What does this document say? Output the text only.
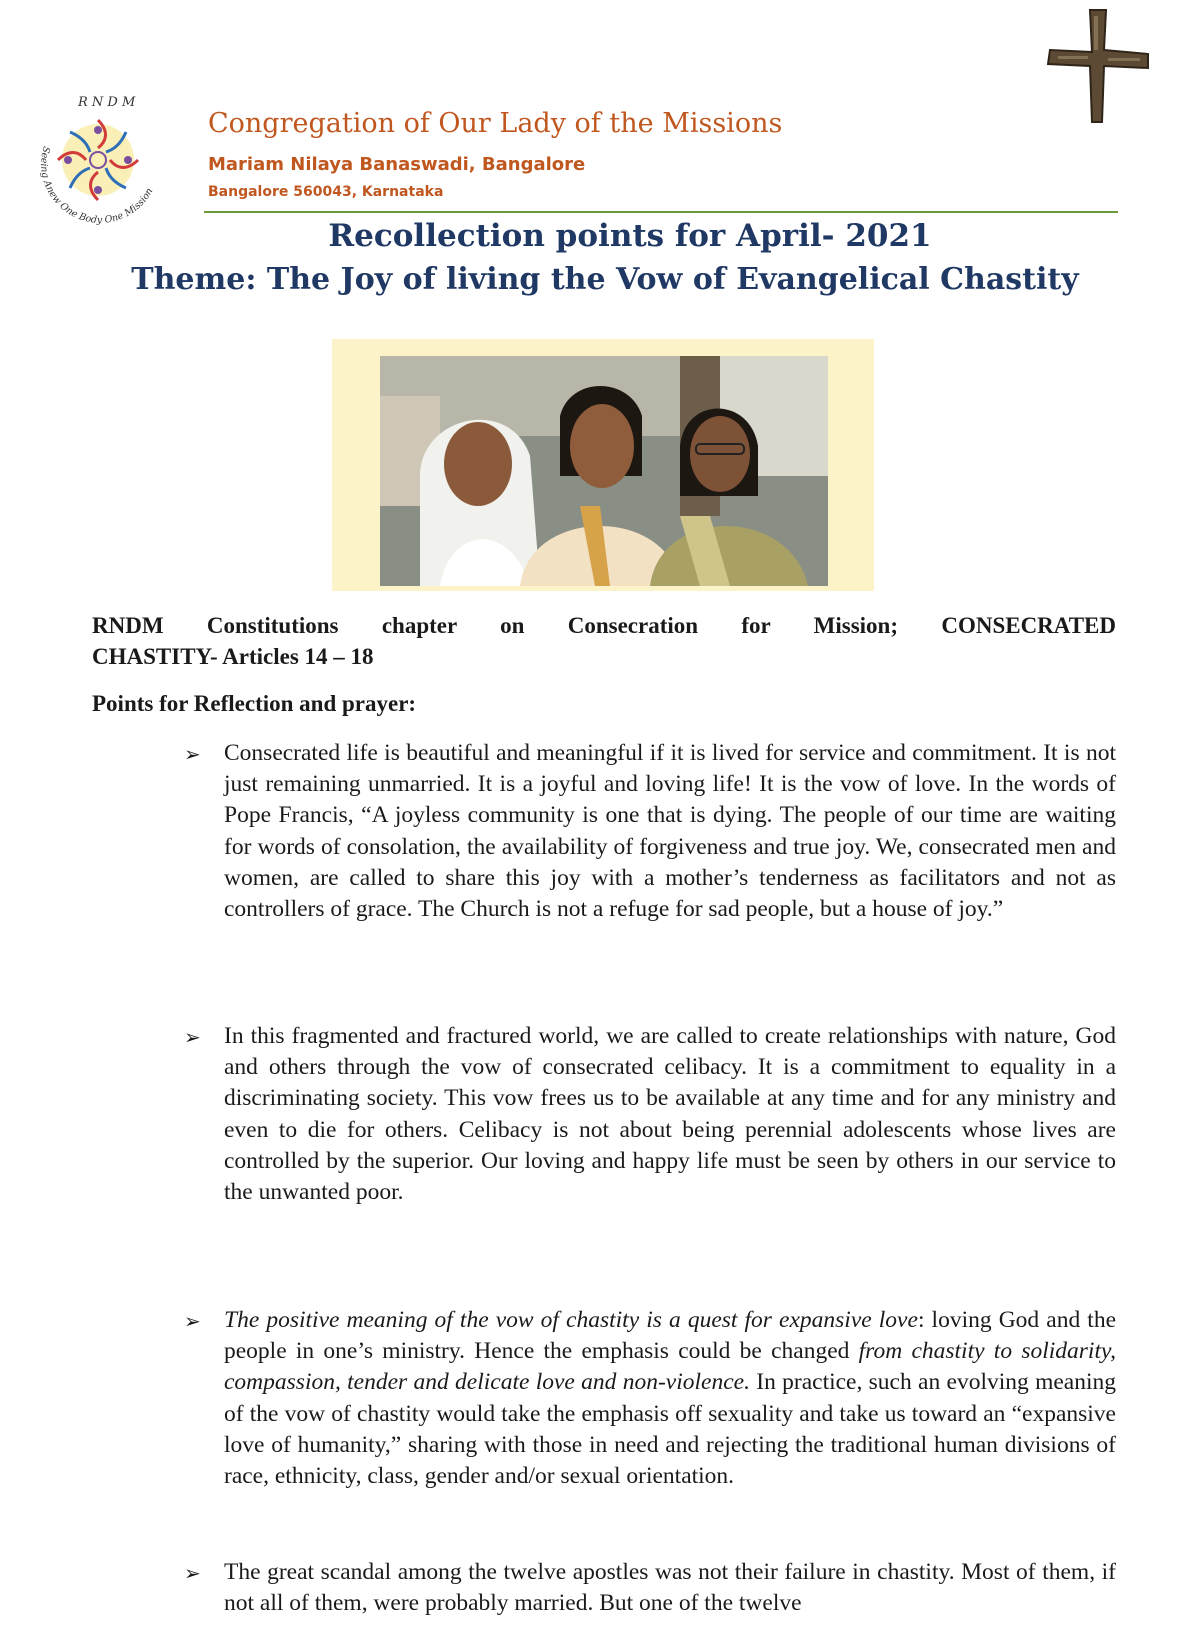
R N D M
Seeing Anew One Body One Mission
Congregation of Our Lady of the Missions
Mariam Nilaya Banaswadi, Bangalore
Bangalore 560043, Karnataka
Recollection points for April- 2021
Theme: The Joy of living the Vow of Evangelical Chastity

RNDM Constitutions chapter on Consecration for Mission; CONSECRATED
CHASTITY- Articles 14 – 18

Points for Reflection and prayer:

➢ Consecrated life is beautiful and meaningful if it is lived for service and commitment. It is not just remaining unmarried. It is a joyful and loving life! It is the vow of love. In the words of Pope Francis, “A joyless community is one that is dying. The people of our time are waiting for words of consolation, the availability of forgiveness and true joy. We, consecrated men and women, are called to share this joy with a mother’s tenderness as facilitators and not as controllers of grace. The Church is not a refuge for sad people, but a house of joy.”

➢ In this fragmented and fractured world, we are called to create relationships with nature, God and others through the vow of consecrated celibacy. It is a commitment to equality in a discriminating society. This vow frees us to be available at any time and for any ministry and even to die for others. Celibacy is not about being perennial adolescents whose lives are controlled by the superior. Our loving and happy life must be seen by others in our service to the unwanted poor.

➢ The positive meaning of the vow of chastity is a quest for expansive love: loving God and the people in one’s ministry. Hence the emphasis could be changed from chastity to solidarity, compassion, tender and delicate love and non-violence. In practice, such an evolving meaning of the vow of chastity would take the emphasis off sexuality and take us toward an “expansive love of humanity,” sharing with those in need and rejecting the traditional human divisions of race, ethnicity, class, gender and/or sexual orientation.

➢ The great scandal among the twelve apostles was not their failure in chastity. Most of them, if not all of them, were probably married. But one of the twelve
